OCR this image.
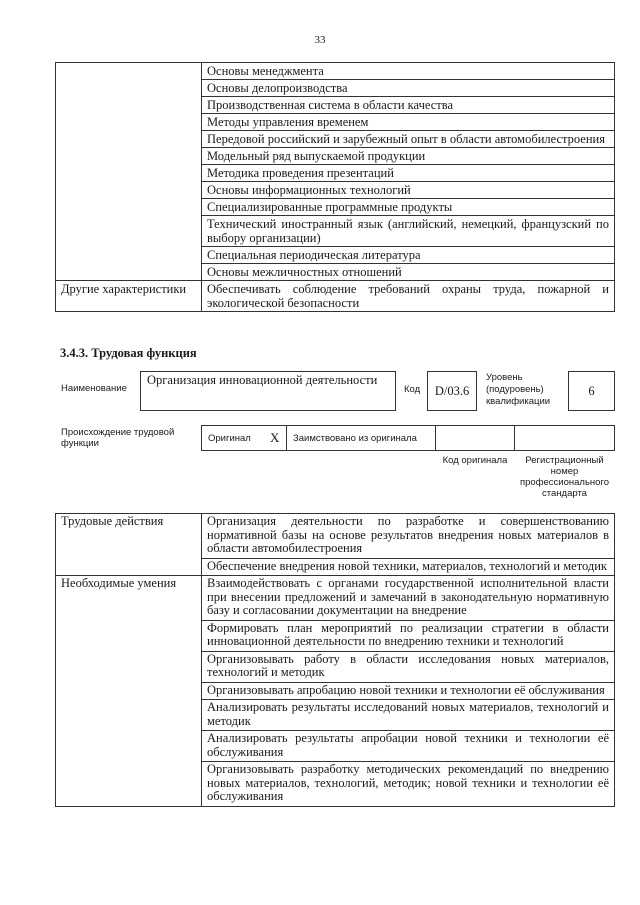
33
	Основы менеджмента
	Основы делопроизводства
	Производственная система в области качества
	Методы управления временем
	Передовой российский и зарубежный опыт в области автомобилестроения
	Модельный ряд выпускаемой продукции
	Методика проведения презентаций
	Основы информационных технологий
	Специализированные программные продукты
	Технический иностранный язык (английский, немецкий, французский по выбору организации)
	Специальная периодическая литература
	Основы межличностных отношений
Другие характеристики	Обеспечивать соблюдение требований охраны труда, пожарной и экологической безопасности
3.4.3. Трудовая функция
Наименование
Организация инновационной деятельности
Код	D/03.6
Уровень (подуровень) квалификации
6
Происхождение трудовой функции	Оригинал X Заимствовано из оригинала
Код оригинала	Регистрационный номер профессионального стандарта
Трудовые действия	Организация деятельности по разработке и совершенствованию нормативной базы на основе результатов внедрения новых материалов в области автомобилестроения
	Обеспечение внедрения новой техники, материалов, технологий и методик
Необходимые умения	Взаимодействовать с органами государственной исполнительной власти при внесении предложений и замечаний в законодательную нормативную базу и согласовании документации на внедрение
	Формировать план мероприятий по реализации стратегии в области инновационной деятельности по внедрению техники и технологий
	Организовывать работу в области исследования новых материалов, технологий и методик
	Организовывать апробацию новой техники и технологии её обслуживания
	Анализировать результаты исследований новых материалов, технологий и методик
	Анализировать результаты апробации новой техники и технологии её обслуживания
	Организовывать разработку методических рекомендаций по внедрению новых материалов, технологий, методик; новой техники и технологии её обслуживания
